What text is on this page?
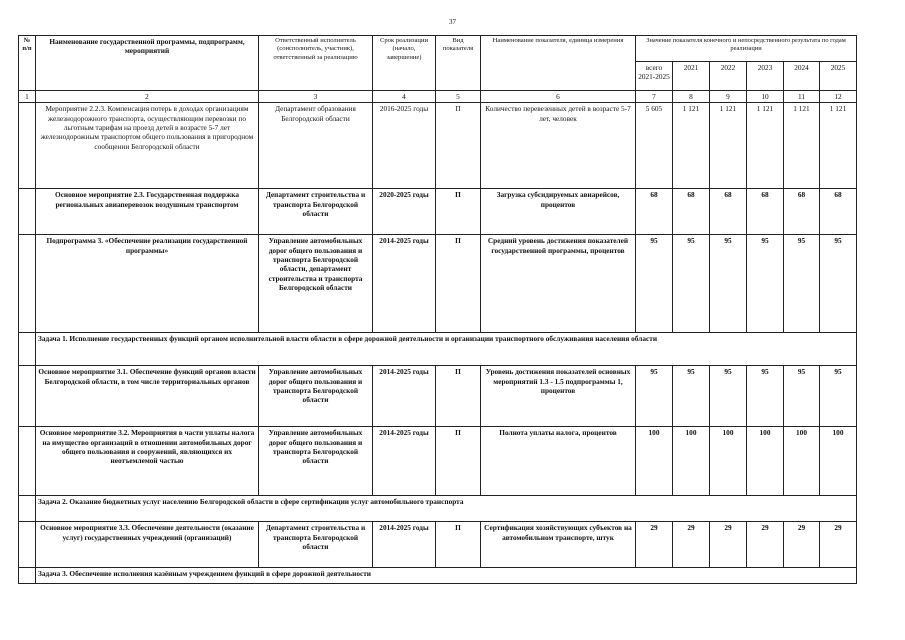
37
№ п/п	Наименование государственной программы, подпрограмм, мероприятий	Ответственный исполнитель (соисполнитель, участник), ответственный за реализацию	Срок реализации (начало, завершение)	Вид показателя	Наименование показателя, единица измерения	Значение показателя конечного и непосредственного результата по годам реализации					
						всего 2021-2025	2021	2022	2023	2024	2025
1	2	3	4	5	6	7	8	9	10	11	12
	Мероприятие 2.2.3. Компенсация потерь в доходах организациям железнодорожного транспорта, осуществляющим перевозки по льготным тарифам на проезд детей в возрасте 5-7 лет железнодорожным транспортом общего пользования в пригородном сообщении Белгородской области	Департамент образования Белгородской области	2016-2025 годы	П	Количество перевезенных детей в возрасте 5-7 лет, человек	5 605	1 121	1 121	1 121	1 121	1 121
	Основное мероприятие 2.3. Государственная поддержка региональных авиаперевозок воздушным транспортом	Департамент строительства и транспорта Белгородской области	2020-2025 годы	П	Загрузка субсидируемых авиарейсов, процентов	68	68	68	68	68	68
	Подпрограмма 3. «Обеспечение реализации государственной программы»	Управление автомобильных дорог общего пользования и транспорта Белгородской области, департамент строительства и транспорта Белгородской области	2014-2025 годы	П	Средний уровень достижения показателей государственной программы, процентов	95	95	95	95	95	95
	Задача 1. Исполнение государственных функций органом исполнительной власти области в сфере дорожной деятельности и организации транспортного обслуживания населения области										
	Основное мероприятие 3.1. Обеспечение функций органов власти Белгородской области, в том числе территориальных органов	Управление автомобильных дорог общего пользования и транспорта Белгородской области	2014-2025 годы	П	Уровень достижения показателей основных мероприятий 1.3 - 1.5 подпрограммы 1, процентов	95	95	95	95	95	95
	Основное мероприятие 3.2. Мероприятия в части уплаты налога на имущество организаций в отношении автомобильных дорог общего пользования и сооружений, являющихся их неотъемлемой частью	Управление автомобильных дорог общего пользования и транспорта Белгородской области	2014-2025 годы	П	Полнота уплаты налога, процентов	100	100	100	100	100	100
	Задача 2. Оказание бюджетных услуг населению Белгородской области в сфере сертификации услуг автомобильного транспорта										
	Основное мероприятие 3.3. Обеспечение деятельности (оказание услуг) государственных учреждений (организаций)	Департамент строительства и транспорта Белгородской области	2014-2025 годы	П	Сертификация хозяйствующих субъектов на автомобильном транспорте, штук	29	29	29	29	29	29
	Задача 3. Обеспечение исполнения казённым учреждением функций в сфере дорожной деятельности										
